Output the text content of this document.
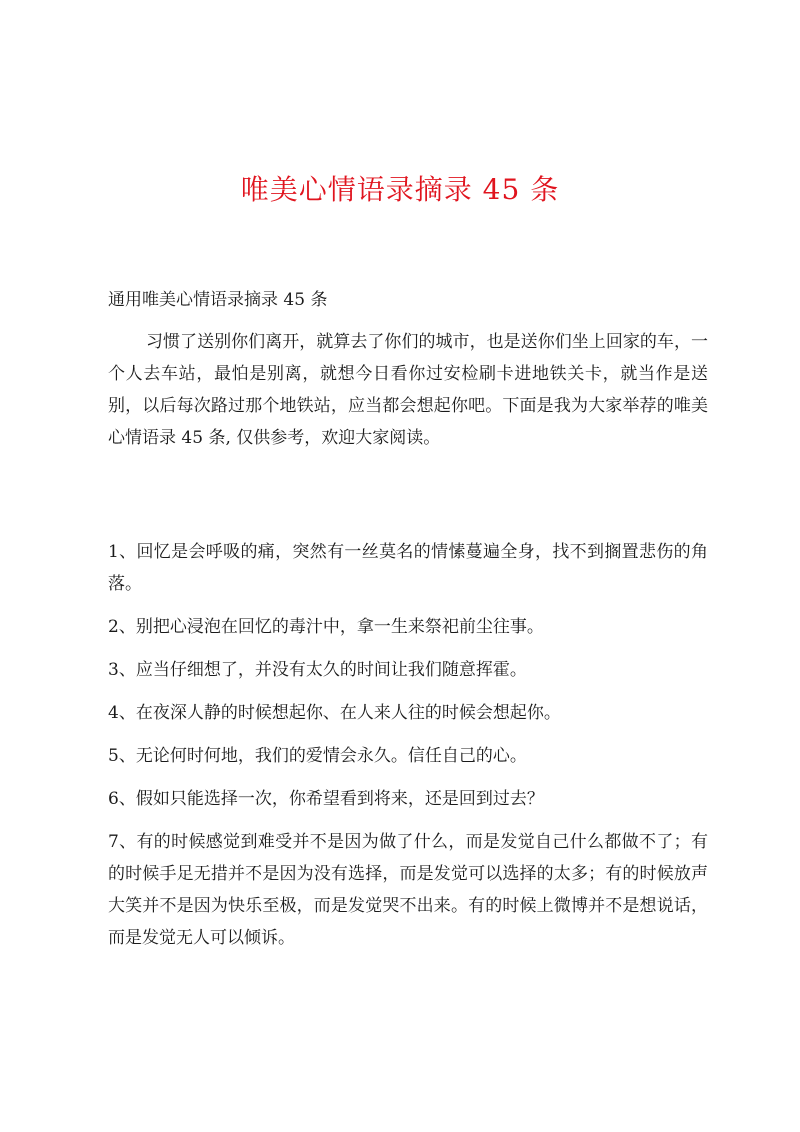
唯美心情语录摘录 45 条
通用唯美心情语录摘录 45 条
习惯了送别你们离开，就算去了你们的城市，也是送你们坐上回家的车，一个人去车站，最怕是别离，就想今日看你过安检刷卡进地铁关卡，就当作是送别，以后每次路过那个地铁站，应当都会想起你吧。下面是我为大家举荐的唯美心情语录 45 条, 仅供参考，欢迎大家阅读。
1、回忆是会呼吸的痛，突然有一丝莫名的情愫蔓遍全身，找不到搁置悲伤的角落。
2、别把心浸泡在回忆的毒汁中，拿一生来祭祀前尘往事。
3、应当仔细想了，并没有太久的时间让我们随意挥霍。
4、在夜深人静的时候想起你、在人来人往的时候会想起你。
5、无论何时何地，我们的爱情会永久。信任自己的心。
6、假如只能选择一次，你希望看到将来，还是回到过去？
7、有的时候感觉到难受并不是因为做了什么，而是发觉自己什么都做不了；有的时候手足无措并不是因为没有选择，而是发觉可以选择的太多；有的时候放声大笑并不是因为快乐至极，而是发觉哭不出来。有的时候上微博并不是想说话，而是发觉无人可以倾诉。
